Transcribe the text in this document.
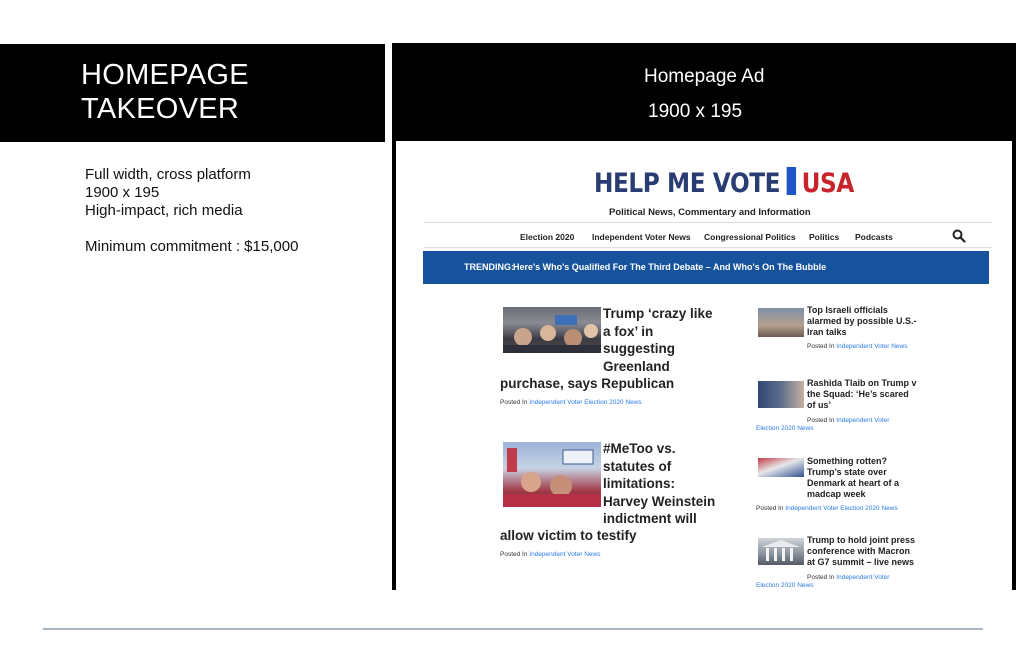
HOMEPAGE
TAKEOVER
Full width, cross platform
1900 x 195
High-impact, rich media
Minimum commitment : $15,000
Homepage Ad
1900 x 195
HELP ME VOTE USA
Political News, Commentary and Information
Election 2020 Independent Voter News Congressional Politics Politics Podcasts
TRENDING: Here's Who's Qualified For The Third Debate – And Who's On The Bubble
Trump ‘crazy like
a fox’ in
suggesting
Greenland
purchase, says Republican
Posted In Independent Voter Election 2020 News
#MeToo vs.
statutes of
limitations:
Harvey Weinstein
indictment will
allow victim to testify
Posted In Independent Voter News
Top Israeli officials
alarmed by possible U.S.-
Iran talks
Posted In Independent Voter News
Rashida Tlaib on Trump v
the Squad: ‘He’s scared
of us’
Posted In Independent Voter
Election 2020 News
Something rotten?
Trump’s state over
Denmark at heart of a
madcap week
Posted In Independent Voter Election 2020 News
Trump to hold joint press
conference with Macron
at G7 summit – live news
Posted In Independent Voter
Election 2020 News
